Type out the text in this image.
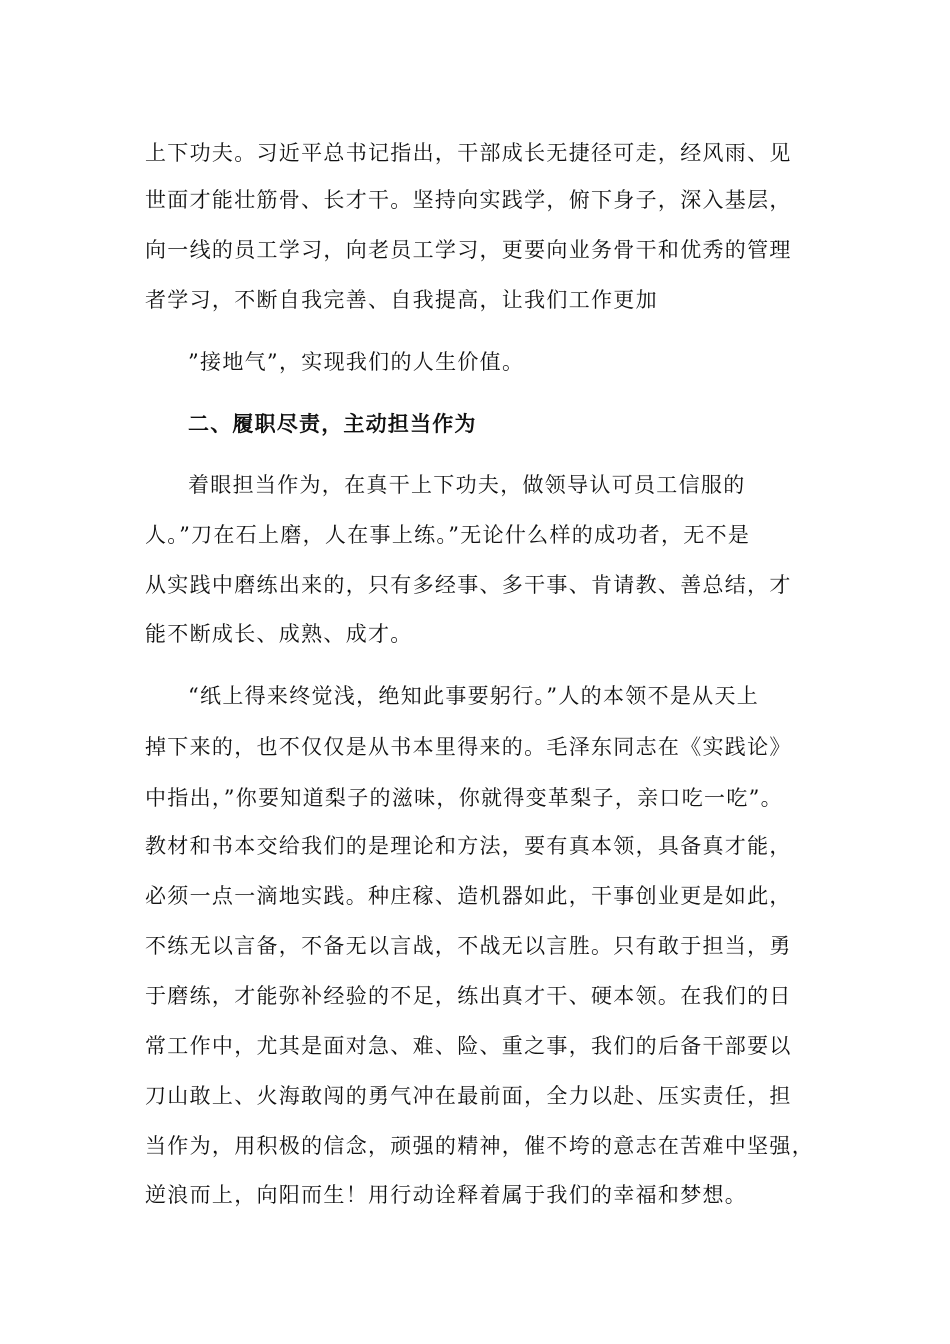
上下功夫。习近平总书记指出，干部成长无捷径可走，经风雨、见
世面才能壮筋骨、长才干。坚持向实践学，俯下身子，深入基层，
向一线的员工学习，向老员工学习，更要向业务骨干和优秀的管理
者学习，不断自我完善、自我提高，让我们工作更加
”接地气”，实现我们的人生价值。
二、履职尽责，主动担当作为
着眼担当作为，在真干上下功夫，做领导认可员工信服的
人。”刀在石上磨，人在事上练。”无论什么样的成功者，无不是
从实践中磨练出来的，只有多经事、多干事、肯请教、善总结，才
能不断成长、成熟、成才。
“纸上得来终觉浅，绝知此事要躬行。”人的本领不是从天上
掉下来的，也不仅仅是从书本里得来的。毛泽东同志在《实践论》
中指出，”你要知道梨子的滋味，你就得变革梨子，亲口吃一吃”。
教材和书本交给我们的是理论和方法，要有真本领，具备真才能，
必须一点一滴地实践。种庄稼、造机器如此，干事创业更是如此，
不练无以言备，不备无以言战，不战无以言胜。只有敢于担当，勇
于磨练，才能弥补经验的不足，练出真才干、硬本领。在我们的日
常工作中，尤其是面对急、难、险、重之事，我们的后备干部要以
刀山敢上、火海敢闯的勇气冲在最前面，全力以赴、压实责任，担
当作为，用积极的信念，顽强的精神，催不垮的意志在苦难中坚强，
逆浪而上，向阳而生！用行动诠释着属于我们的幸福和梦想。
